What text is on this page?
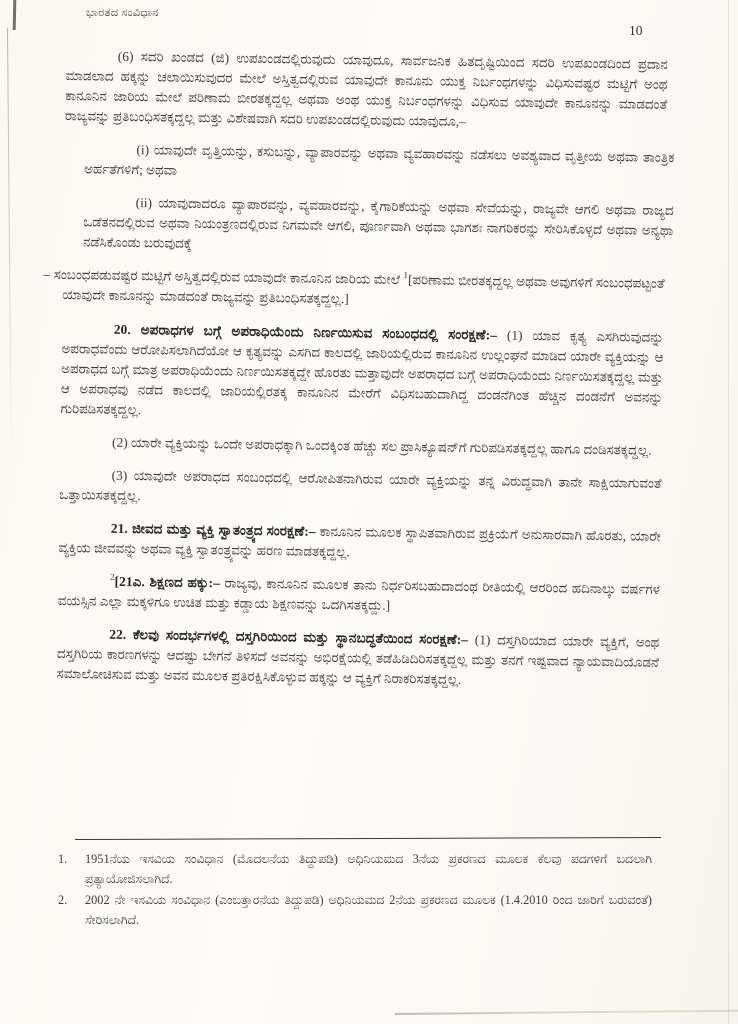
ಭಾರತದ ಸಂವಿಧಾನ
10

(6) ಸದರಿ ಖಂಡದ (ಜಿ) ಉಪಖಂಡದಲ್ಲಿರುವುದು ಯಾವುದೂ, ಸಾರ್ವಜನಿಕ ಹಿತದೃಷ್ಟಿಯಿಂದ ಸದರಿ ಉಪಖಂಡದಿಂದ ಪ್ರದಾನ ಮಾಡಲಾದ ಹಕ್ಕನ್ನು ಚಲಾಯಿಸುವುದರ ಮೇಲೆ ಅಸ್ತಿತ್ವದಲ್ಲಿರುವ ಯಾವುದೇ ಕಾನೂನು ಯುಕ್ತ ನಿರ್ಬಂಧಗಳನ್ನು ವಿಧಿಸುವಷ್ಟರ ಮಟ್ಟಿಗೆ ಅಂಥ ಕಾನೂನಿನ ಜಾರಿಯ ಮೇಲೆ ಪರಿಣಾಮ ಬೀರತಕ್ಕದ್ದಲ್ಲ ಅಥವಾ ಅಂಥ ಯುಕ್ತ ನಿರ್ಬಂಧಗಳನ್ನು ವಿಧಿಸುವ ಯಾವುದೇ ಕಾನೂನನ್ನು ಮಾಡದಂತೆ ರಾಜ್ಯವನ್ನು ಪ್ರತಿಬಂಧಿಸತಕ್ಕದ್ದಲ್ಲ ಮತ್ತು ವಿಶೇಷವಾಗಿ ಸದರಿ ಉಪಖಂಡದಲ್ಲಿರುವುದು ಯಾವುದೂ,–

(i) ಯಾವುದೇ ವೃತ್ತಿಯನ್ನು, ಕಸುಬನ್ನು, ವ್ಯಾಪಾರವನ್ನು ಅಥವಾ ವ್ಯವಹಾರವನ್ನು ನಡೆಸಲು ಅವಶ್ಯವಾದ ವೃತ್ತೀಯ ಅಥವಾ ತಾಂತ್ರಿಕ ಅರ್ಹತೆಗಳಿಗೆ; ಅಥವಾ

(ii) ಯಾವುದಾದರೂ ವ್ಯಾಪಾರವನ್ನು, ವ್ಯವಹಾರವನ್ನು, ಕೈಗಾರಿಕೆಯನ್ನು ಅಥವಾ ಸೇವೆಯನ್ನು, ರಾಜ್ಯವೇ ಆಗಲಿ ಅಥವಾ ರಾಜ್ಯದ ಒಡೆತನದಲ್ಲಿರುವ ಅಥವಾ ನಿಯಂತ್ರಣದಲ್ಲಿರುವ ನಿಗಮವೇ ಆಗಲಿ, ಪೂರ್ಣವಾಗಿ ಅಥವಾ ಭಾಗಶಃ ನಾಗರಿಕರನ್ನು ಸೇರಿಸಿಕೊಳ್ಳದೆ ಅಥವಾ ಅನ್ಯಥಾ ನಡೆಸಿಕೊಂಡು ಬರುವುದಕ್ಕೆ

– ಸಂಬಂಧಪಡುವಷ್ಟರ ಮಟ್ಟಿಗೆ ಅಸ್ತಿತ್ವದಲ್ಲಿರುವ ಯಾವುದೇ ಕಾನೂನಿನ ಜಾರಿಯ ಮೇಲೆ $^1$[ಪರಿಣಾಮ ಬೀರತಕ್ಕದ್ದಲ್ಲ ಅಥವಾ ಅವುಗಳಿಗೆ ಸಂಬಂಧಪಟ್ಟಂತೆ ಯಾವುದೇ ಕಾನೂನನ್ನು ಮಾಡದಂತೆ ರಾಜ್ಯವನ್ನು ಪ್ರತಿಬಂಧಿಸತಕ್ಕದ್ದಲ್ಲ.]

20. ಅಪರಾಧಗಳ ಬಗ್ಗೆ ಅಪರಾಧಿಯೆಂದು ನಿರ್ಣಯಿಸುವ ಸಂಬಂಧದಲ್ಲಿ ಸಂರಕ್ಷಣೆ:– (1) ಯಾವ ಕೃತ್ಯ ಎಸಗಿರುವುದನ್ನು ಅಪರಾಧವೆಂದು ಆರೋಪಿಸಲಾಗಿದೆಯೋ ಆ ಕೃತ್ಯವನ್ನು ಎಸಗಿದ ಕಾಲದಲ್ಲಿ ಜಾರಿಯಲ್ಲಿರುವ ಕಾನೂನಿನ ಉಲ್ಲಂಘನೆ ಮಾಡಿದ ಯಾರೇ ವ್ಯಕ್ತಿಯನ್ನು ಆ ಅಪರಾಧದ ಬಗ್ಗೆ ಮಾತ್ರ ಅಪರಾಧಿಯೆಂದು ನಿರ್ಣಯಿಸತಕ್ಕದ್ದೇ ಹೊರತು ಮತ್ತಾವುದೇ ಅಪರಾಧದ ಬಗ್ಗೆ ಅಪರಾಧಿಯೆಂದು ನಿರ್ಣಯಿಸತಕ್ಕದ್ದಲ್ಲ ಮತ್ತು ಆ ಅಪರಾಧವು ನಡೆದ ಕಾಲದಲ್ಲಿ ಜಾರಿಯಲ್ಲಿರತಕ್ಕ ಕಾನೂನಿನ ಮೇರೆಗೆ ವಿಧಿಸಬಹುದಾಗಿದ್ದ ದಂಡನೆಗಿಂತ ಹೆಚ್ಚಿನ ದಂಡನೆಗೆ ಅವನನ್ನು ಗುರಿಪಡಿಸತಕ್ಕದ್ದಲ್ಲ.

(2) ಯಾರೇ ವ್ಯಕ್ತಿಯನ್ನು ಒಂದೇ ಅಪರಾಧಕ್ಕಾಗಿ ಒಂದಕ್ಕಿಂತ ಹೆಚ್ಚು ಸಲ ಪ್ರಾಸಿಕ್ಯೂಷನ್‌ಗೆ ಗುರಿಪಡಿಸತಕ್ಕದ್ದಲ್ಲ ಹಾಗೂ ದಂಡಿಸತಕ್ಕದ್ದಲ್ಲ.

(3) ಯಾವುದೇ ಅಪರಾಧದ ಸಂಬಂಧದಲ್ಲಿ ಆರೋಪಿತನಾಗಿರುವ ಯಾರೇ ವ್ಯಕ್ತಿಯನ್ನು ತನ್ನ ವಿರುದ್ಧವಾಗಿ ತಾನೇ ಸಾಕ್ಷಿಯಾಗುವಂತೆ ಒತ್ತಾಯಿಸತಕ್ಕದ್ದಲ್ಲ.

21. ಜೀವದ ಮತ್ತು ವ್ಯಕ್ತಿ ಸ್ವಾತಂತ್ರ್ಯದ ಸಂರಕ್ಷಣೆ:– ಕಾನೂನಿನ ಮೂಲಕ ಸ್ಥಾಪಿತವಾಗಿರುವ ಪ್ರಕ್ರಿಯೆಗೆ ಅನುಸಾರವಾಗಿ ಹೊರತು, ಯಾರೇ ವ್ಯಕ್ತಿಯ ಜೀವವನ್ನು ಅಥವಾ ವ್ಯಕ್ತಿ ಸ್ವಾತಂತ್ರ್ಯವನ್ನು ಹರಣ ಮಾಡತಕ್ಕದ್ದಲ್ಲ.

$^2$[21ಎ. ಶಿಕ್ಷಣದ ಹಕ್ಕು:– ರಾಜ್ಯವು, ಕಾನೂನಿನ ಮೂಲಕ ತಾನು ನಿರ್ಧರಿಸಬಹುದಾದಂಥ ರೀತಿಯಲ್ಲಿ ಆರರಿಂದ ಹದಿನಾಲ್ಕು ವರ್ಷಗಳ ವಯಸ್ಸಿನ ಎಲ್ಲಾ ಮಕ್ಕಳಿಗೂ ಉಚಿತ ಮತ್ತು ಕಡ್ಡಾಯ ಶಿಕ್ಷಣವನ್ನು ಒದಗಿಸತಕ್ಕದ್ದು.]

22. ಕೆಲವು ಸಂದರ್ಭಗಳಲ್ಲಿ ದಸ್ತಗಿರಿಯಿಂದ ಮತ್ತು ಸ್ಥಾನಬದ್ಧತೆಯಿಂದ ಸಂರಕ್ಷಣೆ:– (1) ದಸ್ತಗಿರಿಯಾದ ಯಾರೇ ವ್ಯಕ್ತಿಗೆ, ಅಂಥ ದಸ್ತಗಿರಿಯ ಕಾರಣಗಳನ್ನು ಆದಷ್ಟು ಬೇಗನೆ ತಿಳಿಸದೆ ಅವನನ್ನು ಅಭಿರಕ್ಷೆಯಲ್ಲಿ ತಡೆಹಿಡಿದಿರಿಸತಕ್ಕದ್ದಲ್ಲ ಮತ್ತು ತನಗೆ ಇಷ್ಟವಾದ ನ್ಯಾಯವಾದಿಯೊಡನೆ ಸಮಾಲೋಚಿಸುವ ಮತ್ತು ಅವನ ಮೂಲಕ ಪ್ರತಿರಕ್ಷಿಸಿಕೊಳ್ಳುವ ಹಕ್ಕನ್ನು ಆ ವ್ಯಕ್ತಿಗೆ ನಿರಾಕರಿಸತಕ್ಕದ್ದಲ್ಲ.

1.	1951ನೆಯ ಇಸವಿಯ ಸಂವಿಧಾನ (ಮೊದಲನೆಯ ತಿದ್ದುಪಡಿ) ಅಧಿನಿಯಮದ 3ನೆಯ ಪ್ರಕರಣದ ಮೂಲಕ ಕೆಲವು ಪದಗಳಿಗೆ ಬದಲಾಗಿ ಪ್ರತ್ಯಾಯೋಜಿಸಲಾಗಿದೆ.
2.	2002 ನೇ ಇಸವಿಯ ಸಂವಿಧಾನ (ಎಂಬತ್ತಾರನೆಯ ತಿದ್ದುಪಡಿ) ಅಧಿನಿಯಮದ 2ನೆಯ ಪ್ರಕರಣದ ಮೂಲಕ (1.4.2010 ರಿಂದ ಜಾರಿಗೆ ಬರುವಂತೆ) ಸೇರಿಸಲಾಗಿದೆ.
